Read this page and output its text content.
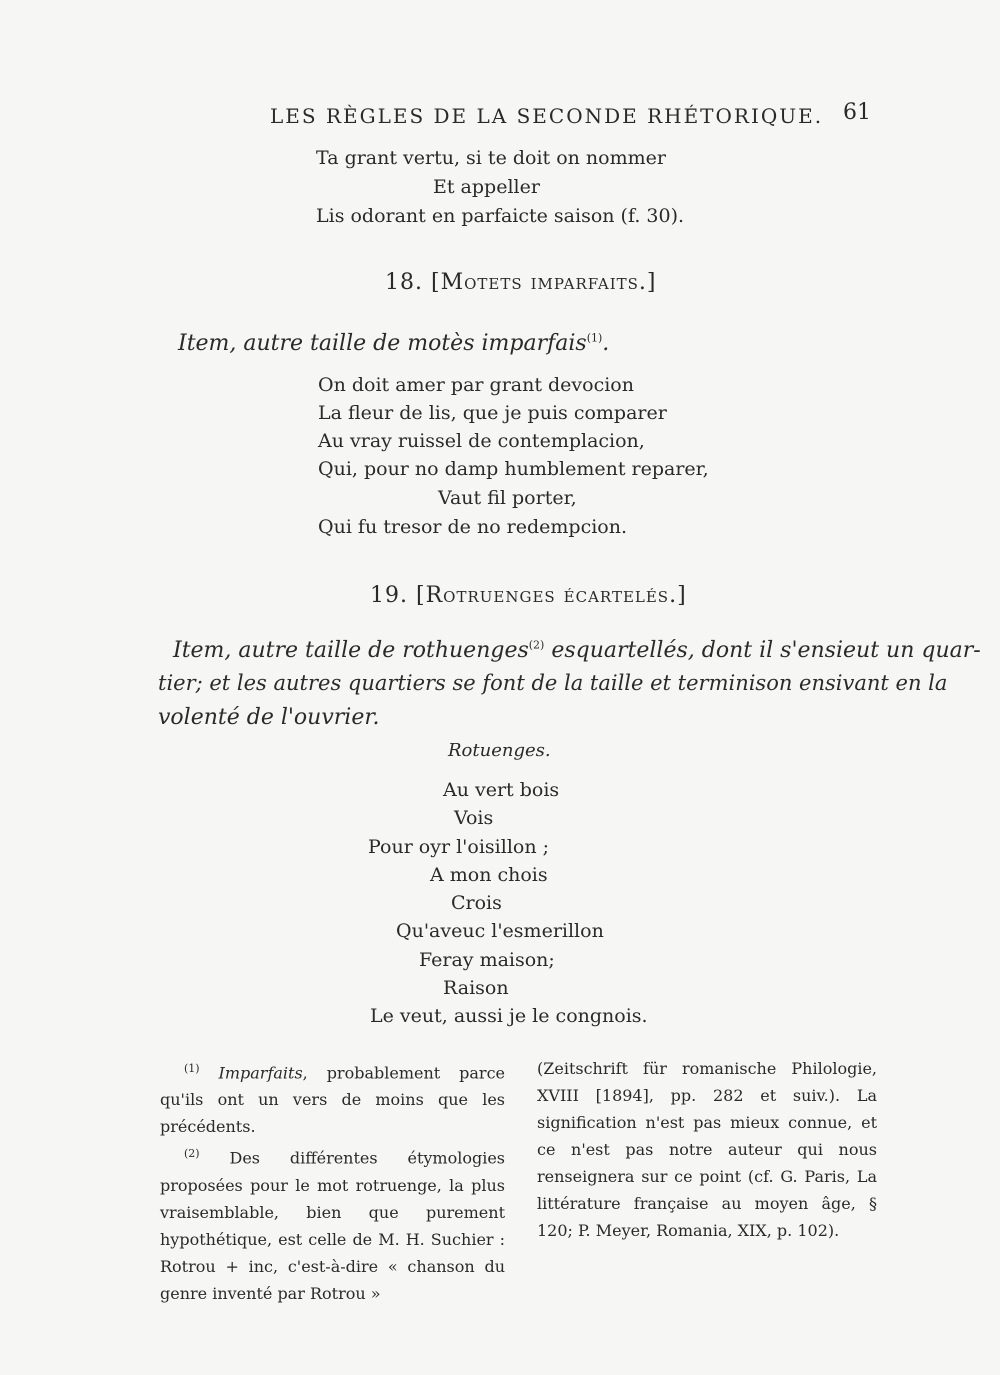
LES RÈGLES DE LA SECONDE RHÉTORIQUE. 61
Ta grant vertu, si te doit on nommer
Et appeller
Lis odorant en parfaicte saison (f. 30).
18. [Motets imparfaits.]
Item, autre taille de motès imparfais$^{(1)}$.
On doit amer par grant devocion
La fleur de lis, que je puis comparer
Au vray ruissel de contemplacion,
Qui, pour no damp humblement reparer,
Vaut fil porter,
Qui fu tresor de no redempcion.
19. [Rotruenges écartelés.]
Item, autre taille de rothuenges$^{(2)}$ esquartellés, dont il s'ensieut un quar-
tier; et les autres quartiers se font de la taille et terminison ensivant en la
volenté de l'ouvrier.
Rotuenges.
Au vert bois
Vois
Pour oyr l'oisillon ;
A mon chois
Crois
Qu'aveuc l'esmerillon
Feray maison;
Raison
Le veut, aussi je le congnois.

$^{(1)}$ Imparfaits, probablement parce qu'ils ont un vers de moins que les précédents.

$^{(2)}$ Des différentes étymologies proposées pour le mot rotruenge, la plus vraisemblable, bien que purement hypothétique, est celle de M. H. Suchier : Rotrou + inc, c'est-à-dire « chanson du genre inventé par Rotrou »

(Zeitschrift für romanische Philologie, XVIII [1894], pp. 282 et suiv.). La signification n'est pas mieux connue, et ce n'est pas notre auteur qui nous renseignera sur ce point (cf. G. Paris, La littérature française au moyen âge, § 120; P. Meyer, Romania, XIX, p. 102).
